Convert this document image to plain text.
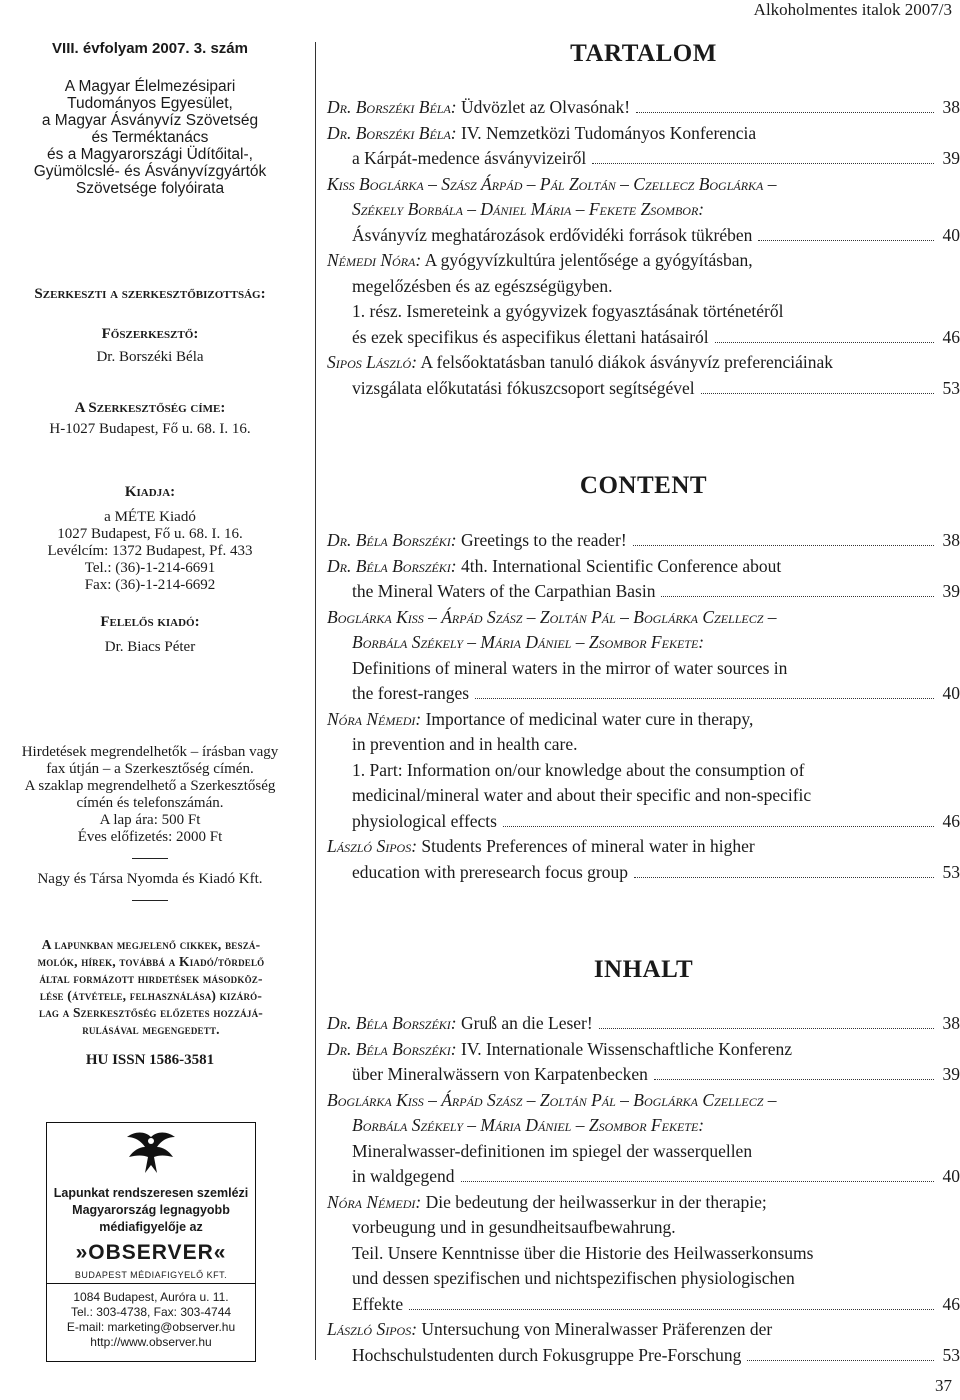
Alkoholmentes italok 2007/3
VIII. évfolyam 2007. 3. szám
A Magyar Élelmezésipari
Tudományos Egyesület,
a Magyar Ásványvíz Szövetség
és Terméktanács
és a Magyarországi Üdítőital-,
Gyümölcslé- és Ásványvízgyártók
Szövetsége folyóirata
Szerkeszti a szerkesztőbizottság:
Főszerkesztő:
Dr. Borszéki Béla
A Szerkesztőség címe:
H-1027 Budapest, Fő u. 68. I. 16.
Kiadja:
a MÉTE Kiadó
1027 Budapest, Fő u. 68. I. 16.
Levélcím: 1372 Budapest, Pf. 433
Tel.: (36)-1-214-6691
Fax: (36)-1-214-6692
Felelős kiadó:
Dr. Biacs Péter
Hirdetések megrendelhetők – írásban vagy
fax útján – a Szerkesztőség címén.
A szaklap megrendelhető a Szerkesztőség
címén és telefonszámán.
A lap ára: 500 Ft
Éves előfizetés: 2000 Ft
Nagy és Társa Nyomda és Kiadó Kft.
A lapunkban megjelenő cikkek, beszá-
molók, hírek, továbbá a Kiadó/tördelő
által formázott hirdetések másodköz-
lése (átvétele, felhasználása) kizáró-
lag a Szerkesztőség előzetes hozzájá-
rulásával megengedett.
HU ISSN 1586-3581
Lapunkat rendszeresen szemlézi
Magyarország legnagyobb
médiafigyelője az
»OBSERVER«
BUDAPEST MÉDIAFIGYELŐ KFT.
1084 Budapest, Auróra u. 11.
Tel.: 303-4738, Fax: 303-4744
E-mail: marketing@observer.hu
http://www.observer.hu
TARTALOM
Dr. Borszéki Béla: Üdvözlet az Olvasónak!	38
Dr. Borszéki Béla: IV. Nemzetközi Tudományos Konferencia
a Kárpát-medence ásványvizeiről	39
Kiss Boglárka – Szász Árpád – Pál Zoltán – Czellecz Boglárka –
Székely Borbála – Dániel Mária – Fekete Zsombor:
Ásványvíz meghatározások erdővidéki források tükrében	40
Némedi Nóra: A gyógyvízkultúra jelentősége a gyógyításban,
megelőzésben és az egészségügyben.
1. rész. Ismereteink a gyógyvizek fogyasztásának történetéről
és ezek specifikus és aspecifikus élettani hatásairól	46
Sipos László: A felsőoktatásban tanuló diákok ásványvíz preferenciáinak
vizsgálata előkutatási fókuszcsoport segítségével	53
CONTENT
Dr. Béla Borszéki: Greetings to the reader!	38
Dr. Béla Borszéki: 4th. International Scientific Conference about
the Mineral Waters of the Carpathian Basin	39
Boglárka Kiss – Árpád Szász – Zoltán Pál – Boglárka Czellecz –
Borbála Székely – Mária Dániel – Zsombor Fekete:
Definitions of mineral waters in the mirror of water sources in
the forest-ranges	40
Nóra Némedi: Importance of medicinal water cure in therapy,
in prevention and in health care.
1. Part: Information on/our knowledge about the consumption of
medicinal/mineral water and about their specific and non-specific
physiological effects	46
László Sipos: Students Preferences of mineral water in higher
education with preresearch focus group	53
INHALT
Dr. Béla Borszéki: Gruß an die Leser!	38
Dr. Béla Borszéki: IV. Internationale Wissenschaftliche Konferenz
über Mineralwässern von Karpatenbecken	39
Boglárka Kiss – Árpád Szász – Zoltán Pál – Boglárka Czellecz –
Borbála Székely – Mária Dániel – Zsombor Fekete:
Mineralwasser-definitionen im spiegel der wasserquellen
in waldgegend	40
Nóra Némedi: Die bedeutung der heilwasserkur in der therapie;
vorbeugung und in gesundheitsaufbewahrung.
Teil. Unsere Kenntnisse über die Historie des Heilwasserkonsums
und dessen spezifischen und nichtspezifischen physiologischen
Effekte	46
László Sipos: Untersuchung von Mineralwasser Präferenzen der
Hochschulstudenten durch Fokusgruppe Pre-Forschung	53
37
